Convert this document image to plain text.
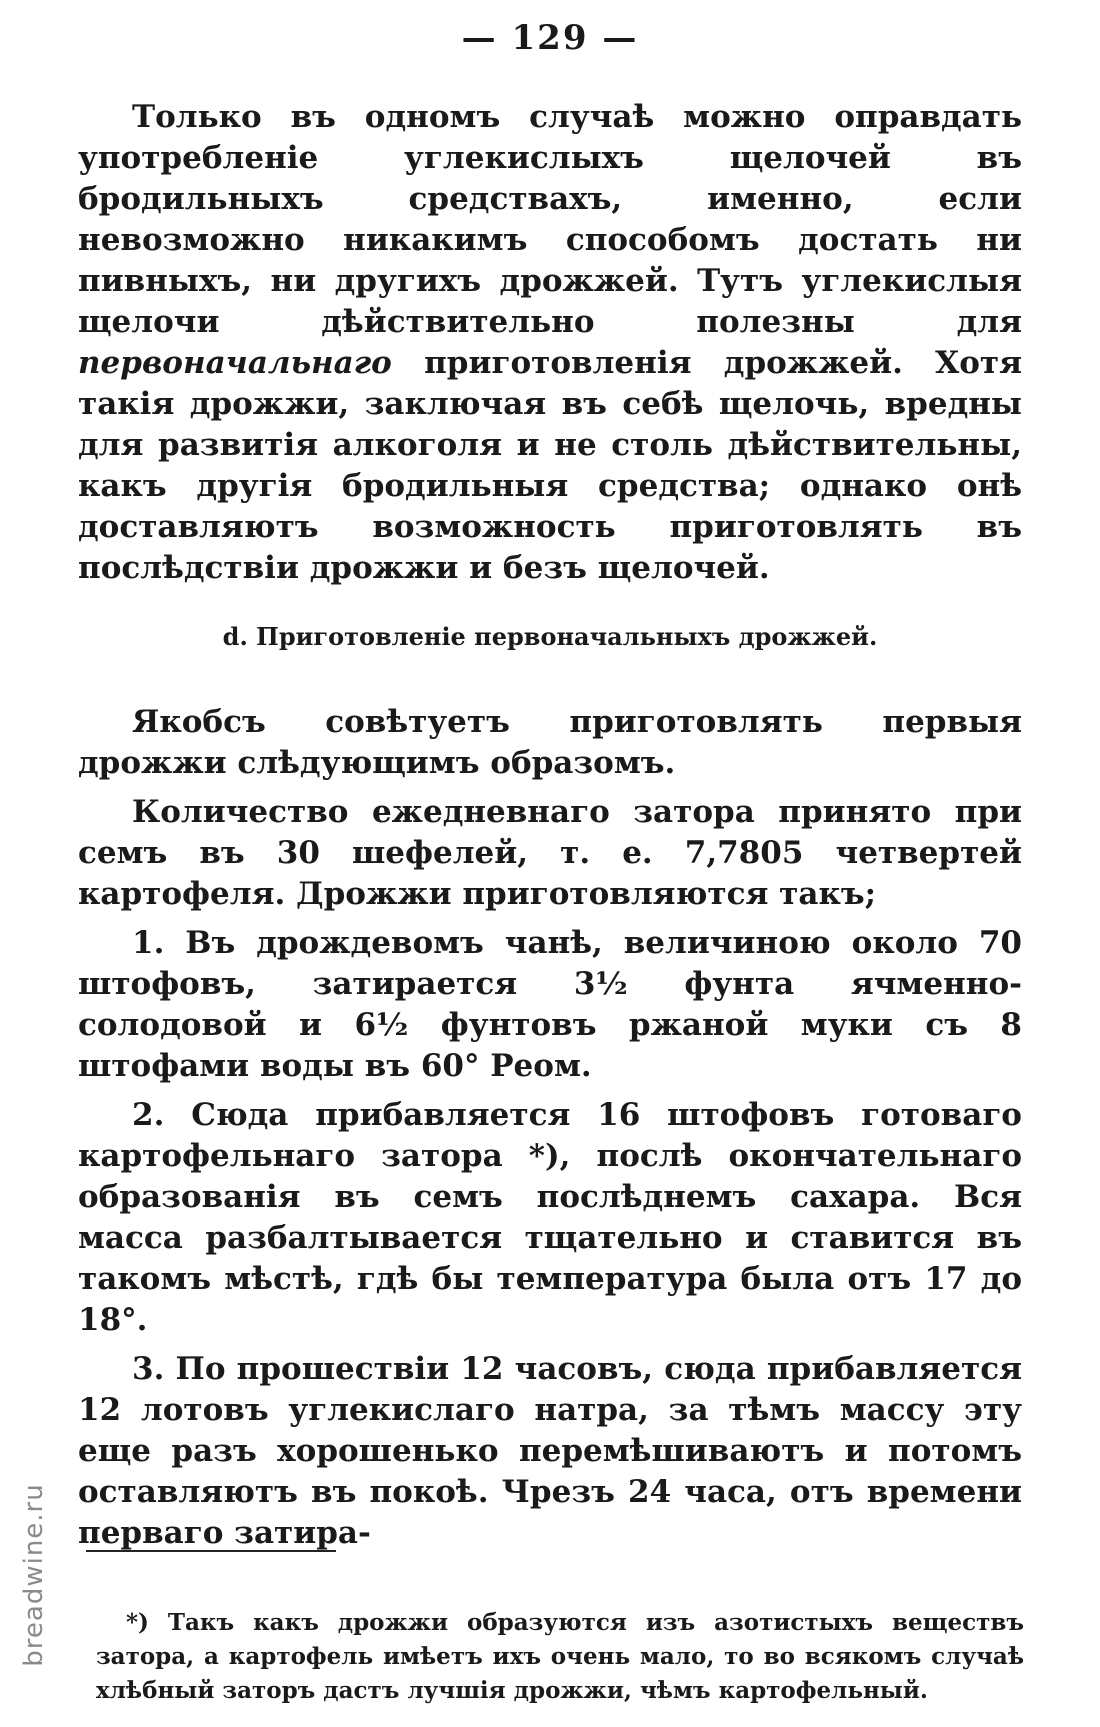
— 129 —
Только въ одномъ случаѣ можно оправдать употребленіе углекислыхъ щелочей въ бродильныхъ средствахъ, именно, если невозможно никакимъ способомъ достать ни пивныхъ, ни другихъ дрожжей. Тутъ углекислыя щелочи дѣйствительно полезны для первоначальнаго приготовленія дрожжей. Хотя такія дрожжи, заключая въ себѣ щелочь, вредны для развитія алкоголя и не столь дѣйствительны, какъ другія бродильныя средства; однако онѣ доставляютъ возможность приготовлять въ послѣдствіи дрожжи и безъ щелочей.
d. Приготовленіе первоначальныхъ дрожжей.

Якобсъ совѣтуетъ приготовлять первыя дрожжи слѣдующимъ образомъ.

Количество ежедневнаго затора принято при семъ въ 30 шефелей, т. е. 7,7805 четвертей картофеля. Дрожжи приготовляются такъ;

1. Въ дрождевомъ чанѣ, величиною около 70 штофовъ, затирается 3½ фунта ячменно-солодовой и 6½ фунтовъ ржаной муки съ 8 штофами воды въ 60° Реом.

2. Сюда прибавляется 16 штофовъ готоваго картофельнаго затора *), послѣ окончательнаго образованія въ семъ послѣднемъ сахара. Вся масса разбалтывается тщательно и ставится въ такомъ мѣстѣ, гдѣ бы температура была отъ 17 до 18°.

3. По прошествіи 12 часовъ, сюда прибавляется 12 лотовъ углекислаго натра, за тѣмъ массу эту еще разъ хорошенько перемѣшиваютъ и потомъ оставляютъ въ покоѣ. Чрезъ 24 часа, отъ времени перваго затира-

*) Такъ какъ дрожжи образуются изъ азотистыхъ веществъ затора, а картофель имѣетъ ихъ очень мало, то во всякомъ случаѣ хлѣбный заторъ дастъ лучшія дрожжи, чѣмъ картофельный.
breadwine.ru
